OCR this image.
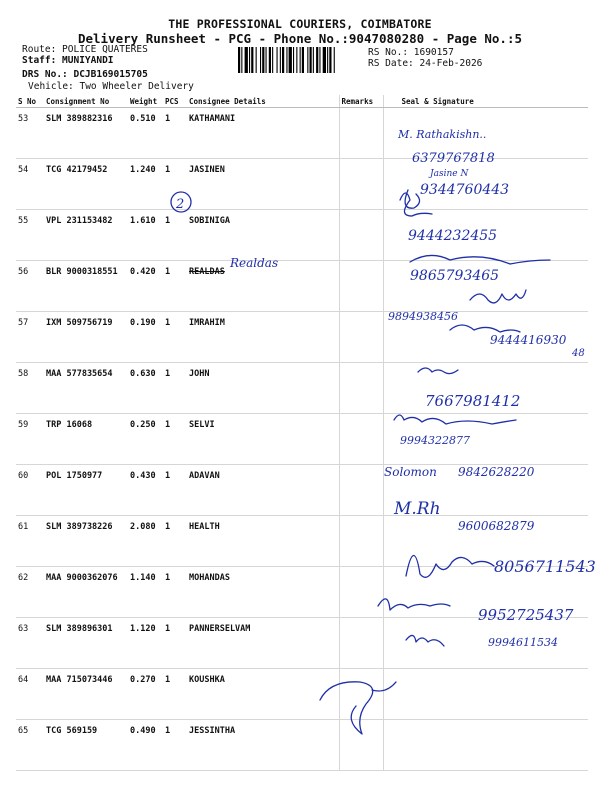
THE PROFESSIONAL COURIERS, COIMBATORE
Delivery Runsheet - PCG - Phone No.:9047080280 - Page No.:5
Route: POLICE QUATERES
Staff: MUNIYANDI
DRS No.: DCJB169015705
Vehicle: Two Wheeler Delivery
RS No.: 1690157
RS Date: 24-Feb-2026
S No	Consignment No	Weight	PCS	Consignee Details	Remarks	Seal & Signature
53	SLM 389882316	0.510	1	KATHAMANI		
54	TCG 42179452	1.240	1	JASINEN		
55	VPL 231153482	1.610	1	SOBINIGA		
56	BLR 9000318551	0.420	1	REALDAS		
57	IXM 509756719	0.190	1	IMRAHIM		
58	MAA 577835654	0.630	1	JOHN		
59	TRP 16068	0.250	1	SELVI		
60	POL 1750977	0.430	1	ADAVAN		
61	SLM 389738226	2.080	1	HEALTH		
62	MAA 9000362076	1.140	1	MOHANDAS		
63	SLM 389896301	1.120	1	PANNERSELVAM		
64	MAA 715073446	0.270	1	KOUSHKA		
65	TCG 569159	0.490	1	JESSINTHA		
M. Rathakishn..
6379767818
Jasine N
9344760443
2
9444232455
Realdas
9865793465
9894938456
9444416930
48
7667981412
9994322877
Solomon 9842628220
M.Rh
9600682879
8056711543
9952725437
9994611534
